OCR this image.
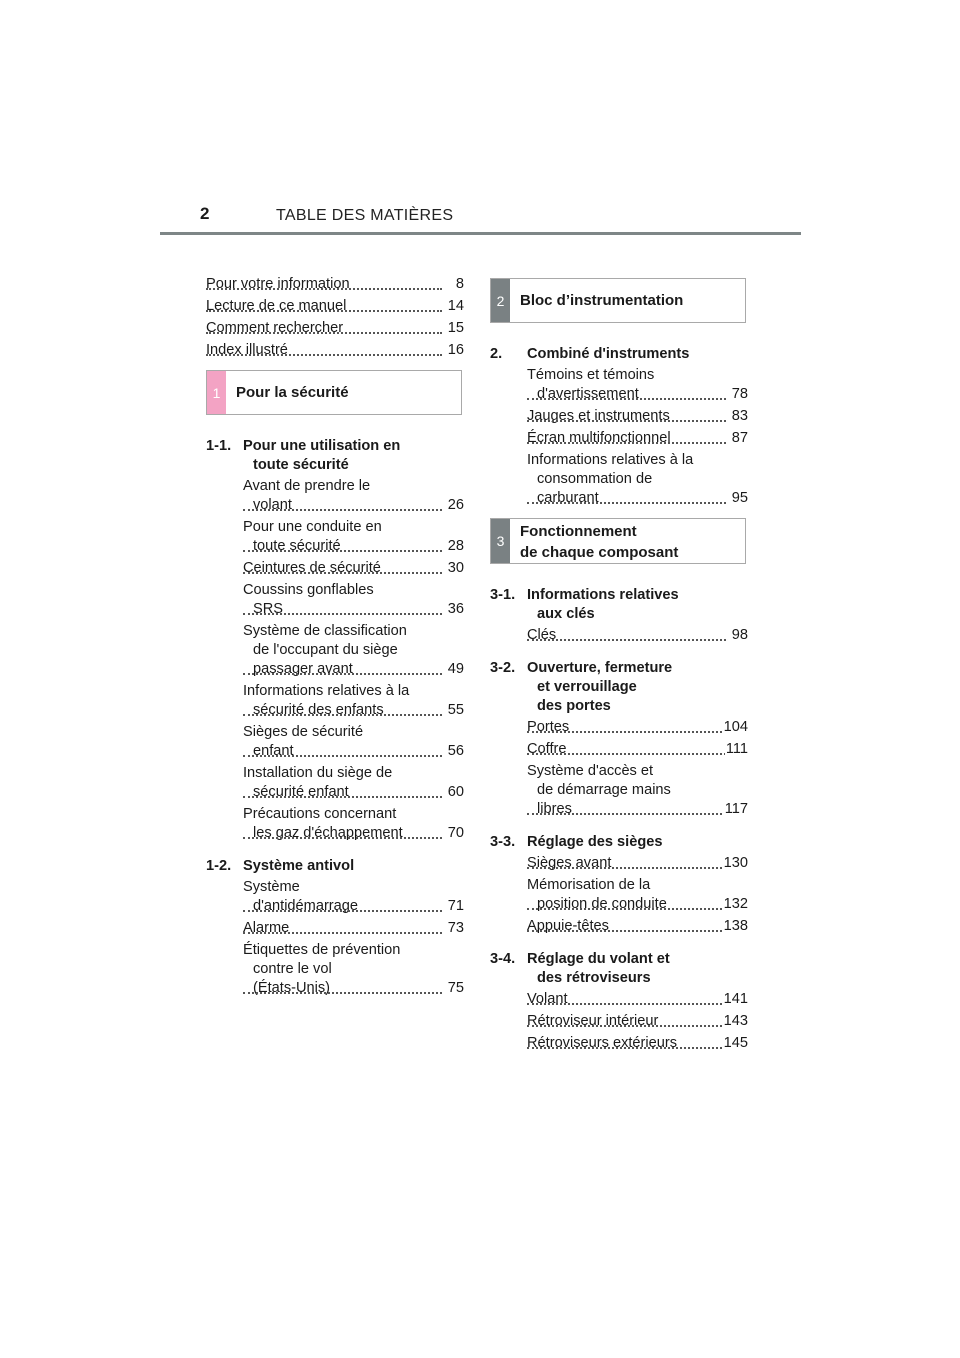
2	TABLE DES MATIÈRES
Pour votre information	8
Lecture de ce manuel	14
Comment rechercher	15
Index illustré	16
1	Pour la sécurité
1-1. Pour une utilisation en
toute sécurité
Avant de prendre le
volant	26
Pour une conduite en
toute sécurité	28
Ceintures de sécurité	30
Coussins gonflables
SRS	36
Système de classification
de l'occupant du siège
passager avant	49
Informations relatives à la
sécurité des enfants	55
Sièges de sécurité
enfant	56
Installation du siège de
sécurité enfant	60
Précautions concernant
les gaz d'échappement	70
1-2. Système antivol
Système
d'antidémarrage	71
Alarme	73
Étiquettes de prévention
contre le vol
(États-Unis)	75
2	Bloc d’instrumentation
2. Combiné d'instruments
Témoins et témoins
d'avertissement	78
Jauges et instruments	83
Écran multifonctionnel	87
Informations relatives à la
consommation de
carburant	95
3
Fonctionnement
de chaque composant
3-1. Informations relatives
aux clés
Clés	98
3-2. Ouverture, fermeture
et verrouillage
des portes
Portes	104
Coffre	111
Système d'accès et
de démarrage mains
libres	117
3-3. Réglage des sièges
Sièges avant	130
Mémorisation de la
position de conduite	132
Appuie-têtes	138
3-4. Réglage du volant et
des rétroviseurs
Volant	141
Rétroviseur intérieur	143
Rétroviseurs extérieurs	145
